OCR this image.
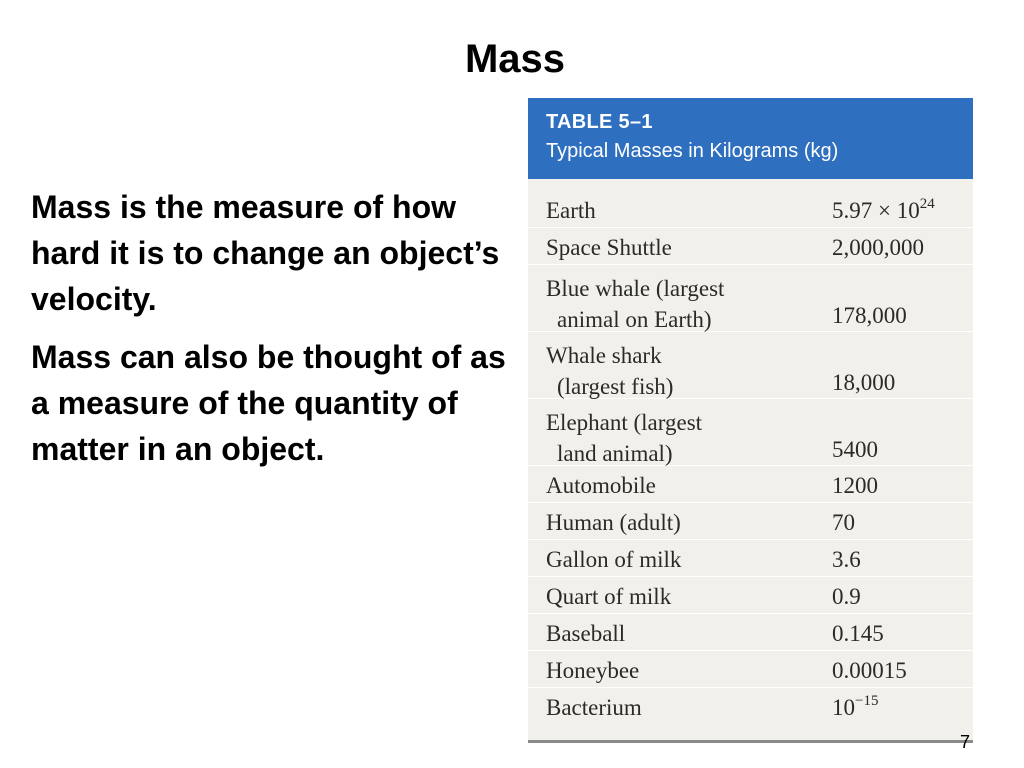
Mass

Mass is the measure of how hard it is to change an object’s velocity.

Mass can also be thought of as a measure of the quantity of matter in an object.

TABLE 5–1
Typical Masses in Kilograms (kg)
Earth	$5.97 \times 10^{24}$
Space Shuttle	2,000,000
Blue whale (largest
animal on Earth)	178,000
Whale shark
(largest fish)	18,000
Elephant (largest
land animal)	5400
Automobile	1200
Human (adult)	70
Gallon of milk	3.6
Quart of milk	0.9
Baseball	0.145
Honeybee	0.00015
Bacterium	$10^{-15}$
7
